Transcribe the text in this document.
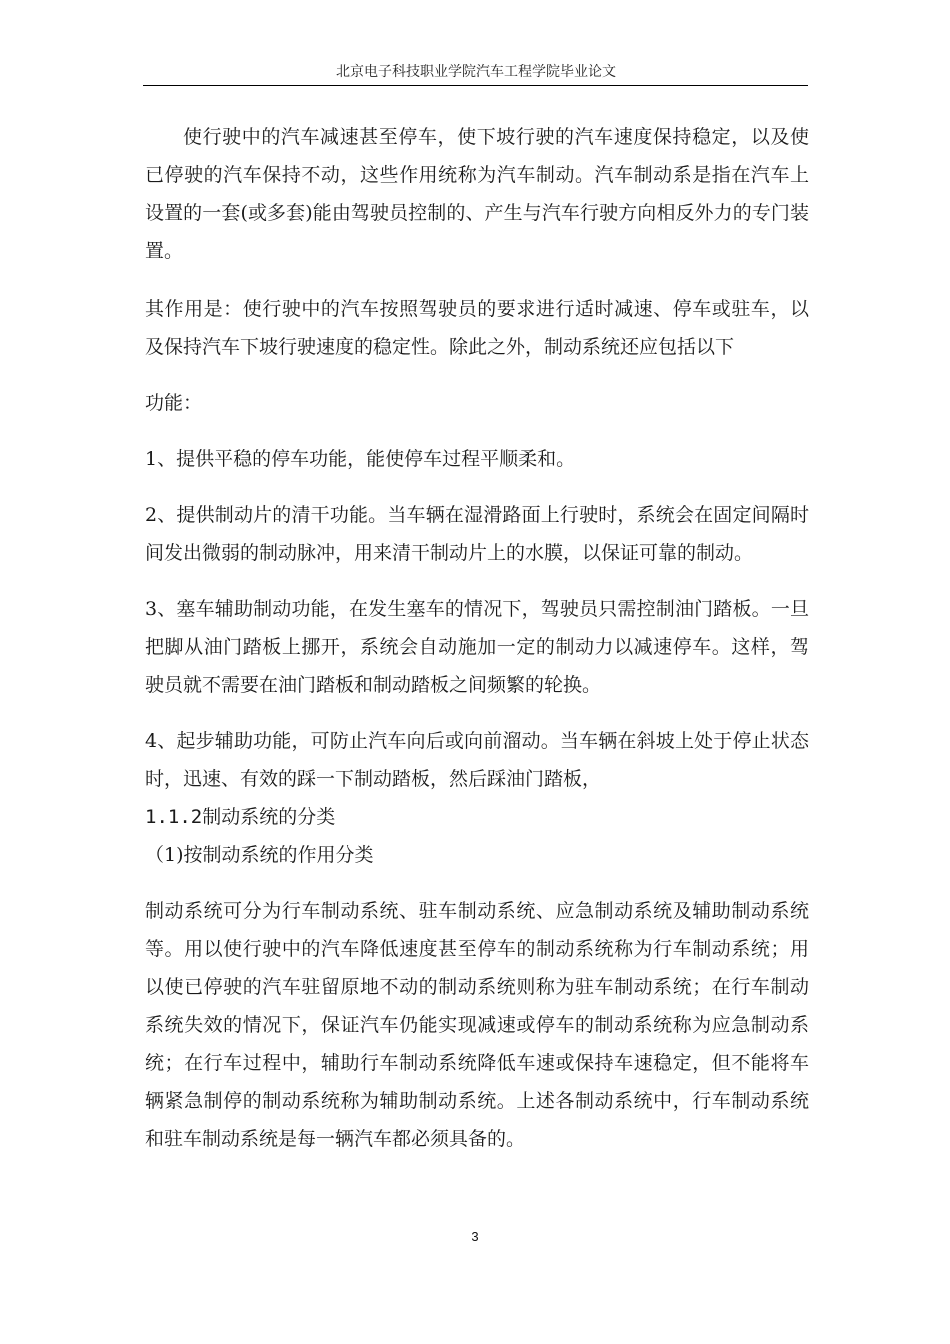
北京电子科技职业学院汽车工程学院毕业论文

使行驶中的汽车减速甚至停车，使下坡行驶的汽车速度保持稳定，以及使已停驶的汽车保持不动，这些作用统称为汽车制动。汽车制动系是指在汽车上设置的一套(或多套)能由驾驶员控制的、产生与汽车行驶方向相反外力的专门装置。

其作用是：使行驶中的汽车按照驾驶员的要求进行适时减速、停车或驻车，以及保持汽车下坡行驶速度的稳定性。除此之外，制动系统还应包括以下

功能：

1、提供平稳的停车功能，能使停车过程平顺柔和。

2、提供制动片的清干功能。当车辆在湿滑路面上行驶时，系统会在固定间隔时间发出微弱的制动脉冲，用来清干制动片上的水膜，以保证可靠的制动。

3、塞车辅助制动功能，在发生塞车的情况下，驾驶员只需控制油门踏板。一旦把脚从油门踏板上挪开，系统会自动施加一定的制动力以减速停车。这样，驾驶员就不需要在油门踏板和制动踏板之间频繁的轮换。

4、起步辅助功能，可防止汽车向后或向前溜动。当车辆在斜坡上处于停止状态时，迅速、有效的踩一下制动踏板，然后踩油门踏板，

1.1.2制动系统的分类

（1)按制动系统的作用分类

制动系统可分为行车制动系统、驻车制动系统、应急制动系统及辅助制动系统等。用以使行驶中的汽车降低速度甚至停车的制动系统称为行车制动系统；用以使已停驶的汽车驻留原地不动的制动系统则称为驻车制动系统；在行车制动系统失效的情况下，保证汽车仍能实现减速或停车的制动系统称为应急制动系统；在行车过程中，辅助行车制动系统降低车速或保持车速稳定，但不能将车辆紧急制停的制动系统称为辅助制动系统。上述各制动系统中，行车制动系统和驻车制动系统是每一辆汽车都必须具备的。

3
